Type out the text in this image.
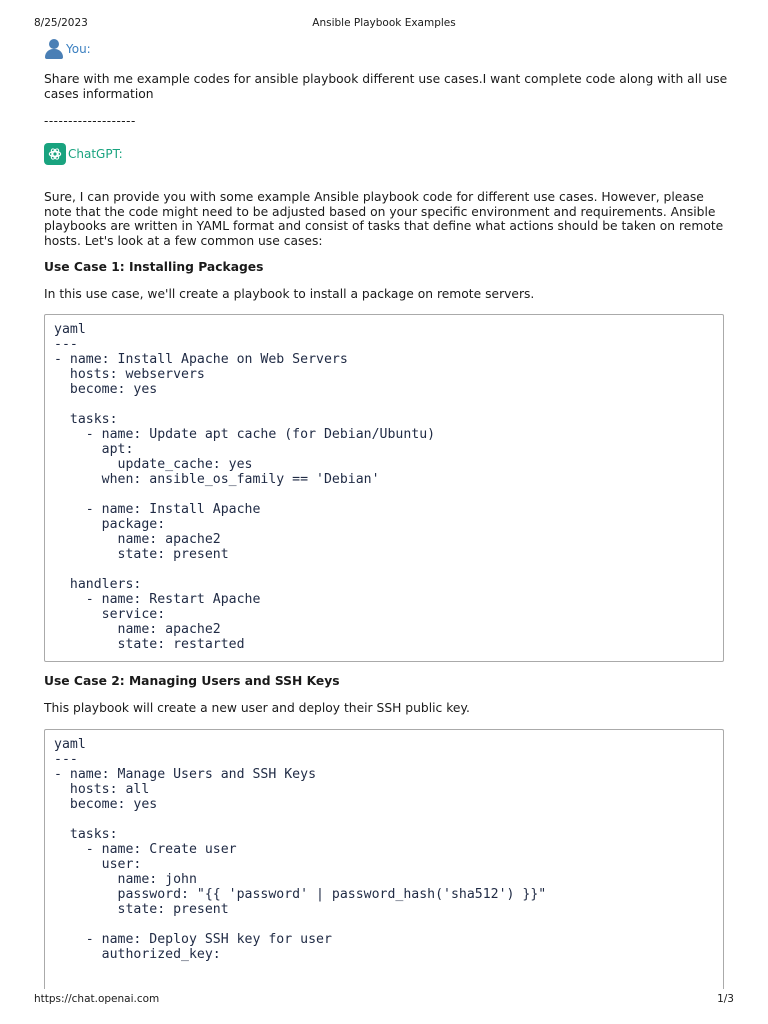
8/25/2023	Ansible Playbook Examples
You:
Share with me example codes for ansible playbook different use cases.I want complete code along with all use cases information
-------------------
ChatGPT:
Sure, I can provide you with some example Ansible playbook code for different use cases. However, please note that the code might need to be adjusted based on your specific environment and requirements. Ansible playbooks are written in YAML format and consist of tasks that define what actions should be taken on remote hosts. Let's look at a few common use cases:
Use Case 1: Installing Packages
In this use case, we'll create a playbook to install a package on remote servers.
yaml
---
- name: Install Apache on Web Servers
hosts: webservers
become: yes

tasks:
- name: Update apt cache (for Debian/Ubuntu)
apt:
update_cache: yes
when: ansible_os_family == 'Debian'

- name: Install Apache
package:
name: apache2
state: present

handlers:
- name: Restart Apache
service:
name: apache2
state: restarted
Use Case 2: Managing Users and SSH Keys
This playbook will create a new user and deploy their SSH public key.
yaml
---
- name: Manage Users and SSH Keys
hosts: all
become: yes

tasks:
- name: Create user
user:
name: john
password: "{{ 'password' | password_hash('sha512') }}"
state: present

- name: Deploy SSH key for user
authorized_key:
https://chat.openai.com	1/3
